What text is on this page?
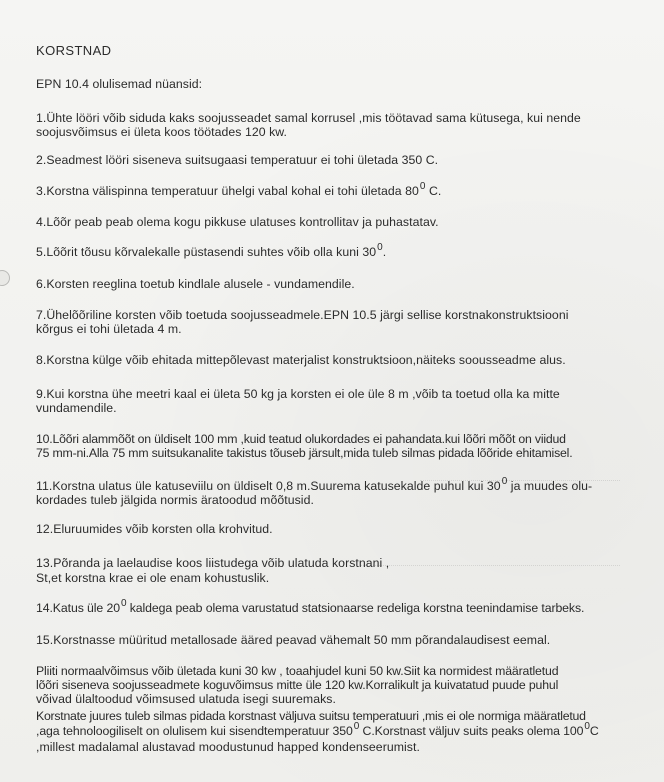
KORSTNAD
EPN 10.4 olulisemad nüansid:
1.Ühte lööri võib siduda kaks soojusseadet samal korrusel ,mis töötavad sama kütusega, kui nende
soojusvõimsus ei ületa koos töötades 120 kw.
2.Seadmest lööri siseneva suitsugaasi temperatuur ei tohi ületada 350 C.
3.Korstna välispinna temperatuur ühelgi vabal kohal ei tohi ületada $80^0$ C.
4.Lõõr peab peab olema kogu pikkuse ulatuses kontrollitav ja puhastatav.
5.Lõõrit tõusu kõrvalekalle püstasendi suhtes võib olla kuni $30^0$.
6.Korsten reeglina toetub kindlale alusele - vundamendile.
7.Ühelõõriline korsten võib toetuda soojusseadmele.EPN 10.5 järgi sellise korstnakonstruktsiooni
kõrgus ei tohi ületada 4 m.
8.Korstna külge võib ehitada mittepõlevast materjalist konstruktsioon,näiteks soousseadme alus.
9.Kui korstna ühe meetri kaal ei ületa 50 kg ja korsten ei ole üle 8 m ,võib ta toetud olla ka mitte
vundamendile.
10.Lõõri alammõõt on üldiselt 100 mm ,kuid teatud olukordades ei pahandata.kui lõõri mõõt on viidud
75 mm-ni.Alla 75 mm suitsukanalite takistus tõuseb järsult,mida tuleb silmas pidada lõõride ehitamisel.
11.Korstna ulatus üle katuseviilu on üldiselt 0,8 m.Suurema katusekalde puhul kui $30^0$ ja muudes olu-
kordades tuleb jälgida normis äratoodud mõõtusid.
12.Eluruumides võib korsten olla krohvitud.
13.Põranda ja laelaudise koos liistudega võib ulatuda korstnani ,
St,et korstna krae ei ole enam kohustuslik.
14.Katus üle $20^0$ kaldega peab olema varustatud statsionaarse redeliga korstna teenindamise tarbeks.
15.Korstnasse müüritud metallosade ääred peavad vähemalt 50 mm põrandalaudisest eemal.
Pliiti normaalvõimsus võib ületada kuni 30 kw , toaahjudel kuni 50 kw.Siit ka normidest määratletud
lõõri siseneva soojusseadmete koguvõimsus mitte üle 120 kw.Korralikult ja kuivatatud puude puhul
võivad ülaltoodud võimsused ulatuda isegi suuremaks.
Korstnate juures tuleb silmas pidada korstnast väljuva suitsu temperatuuri ,mis ei ole normiga määratletud
,aga tehnoloogiliselt on olulisem kui sisendtemperatuur $350^0$ C.Korstnast väljuv suits peaks olema $100^0C$
,millest madalamal alustavad moodustunud happed kondenseerumist.
